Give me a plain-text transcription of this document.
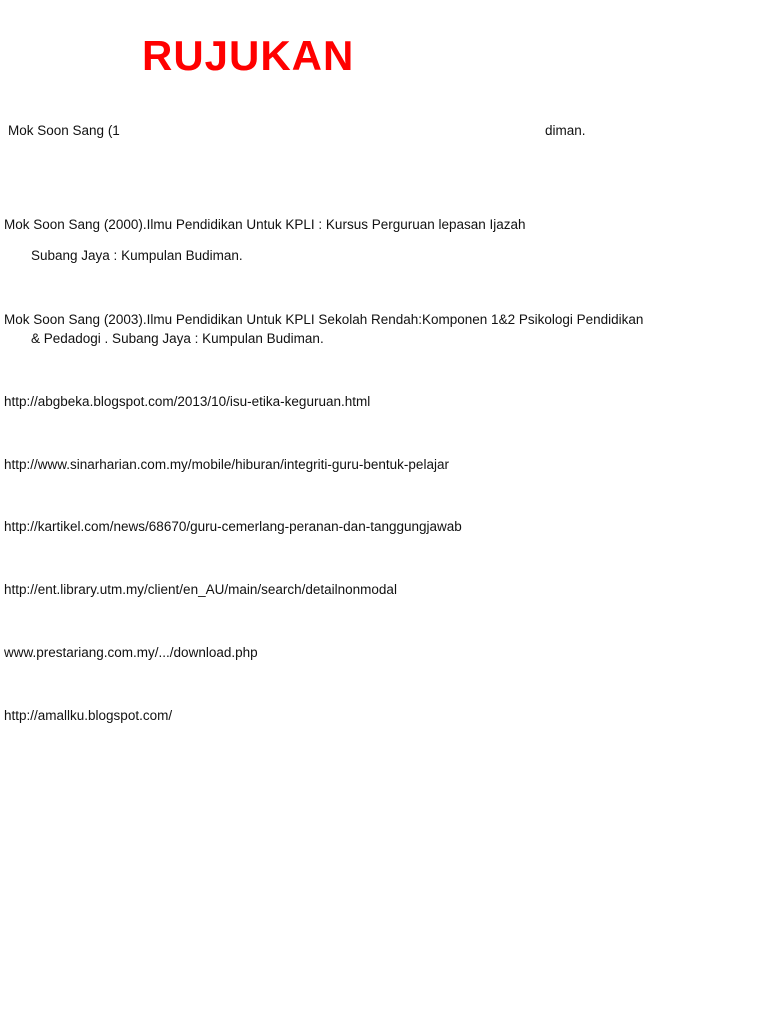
RUJUKAN
Mok Soon Sang (1	diman.
Mok Soon Sang (2000).Ilmu Pendidikan Untuk KPLI : Kursus Perguruan lepasan Ijazah
Subang Jaya : Kumpulan Budiman.
Mok Soon Sang (2003).Ilmu Pendidikan Untuk KPLI Sekolah Rendah:Komponen 1&2 Psikologi Pendidikan
& Pedadogi . Subang Jaya : Kumpulan Budiman.
http://abgbeka.blogspot.com/2013/10/isu-etika-keguruan.html
http://www.sinarharian.com.my/mobile/hiburan/integriti-guru-bentuk-pelajar
http://kartikel.com/news/68670/guru-cemerlang-peranan-dan-tanggungjawab
http://ent.library.utm.my/client/en_AU/main/search/detailnonmodal
www.prestariang.com.my/.../download.php
http://amallku.blogspot.com/
